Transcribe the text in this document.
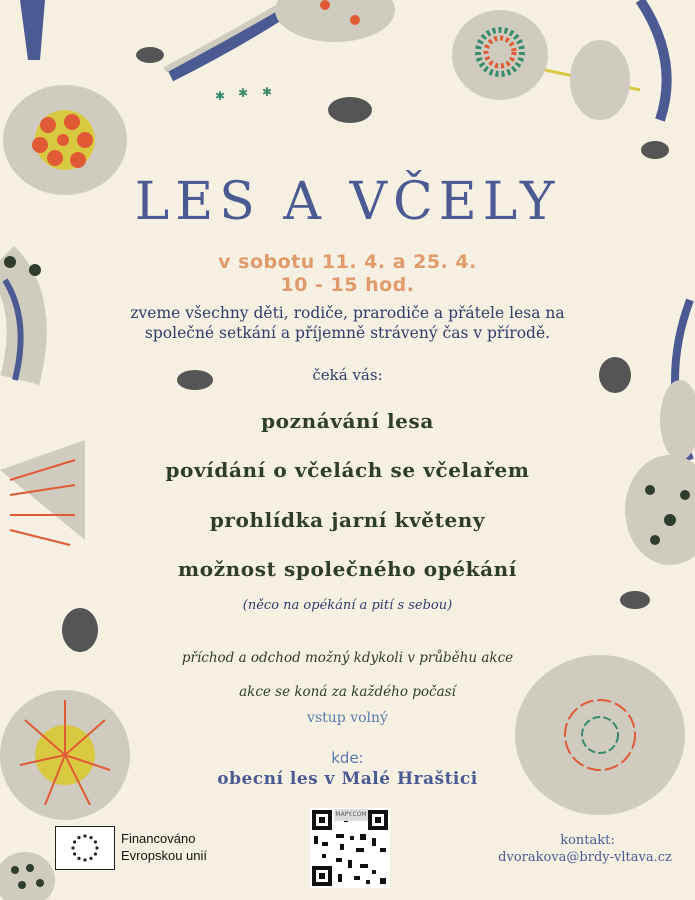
✱ ✱ ✱
LES A VČELY
v sobotu 11. 4. a 25. 4.
10 - 15 hod.
zveme všechny děti, rodiče, prarodiče a přátele lesa na
společné setkání a příjemně strávený čas v přírodě.
čeká vás:
poznávání lesa
povídání o včelách se včelařem
prohlídka jarní květeny
možnost společného opékání
(něco na opékání a pití s sebou)
příchod a odchod možný kdykoli v průběhu akce
akce se koná za každého počasí
vstup volný
kde:
obecní les v Malé Hraštici
Financováno
Evropskou unií
MAPY.COM
kontakt:
dvorakova@brdy-vltava.cz
